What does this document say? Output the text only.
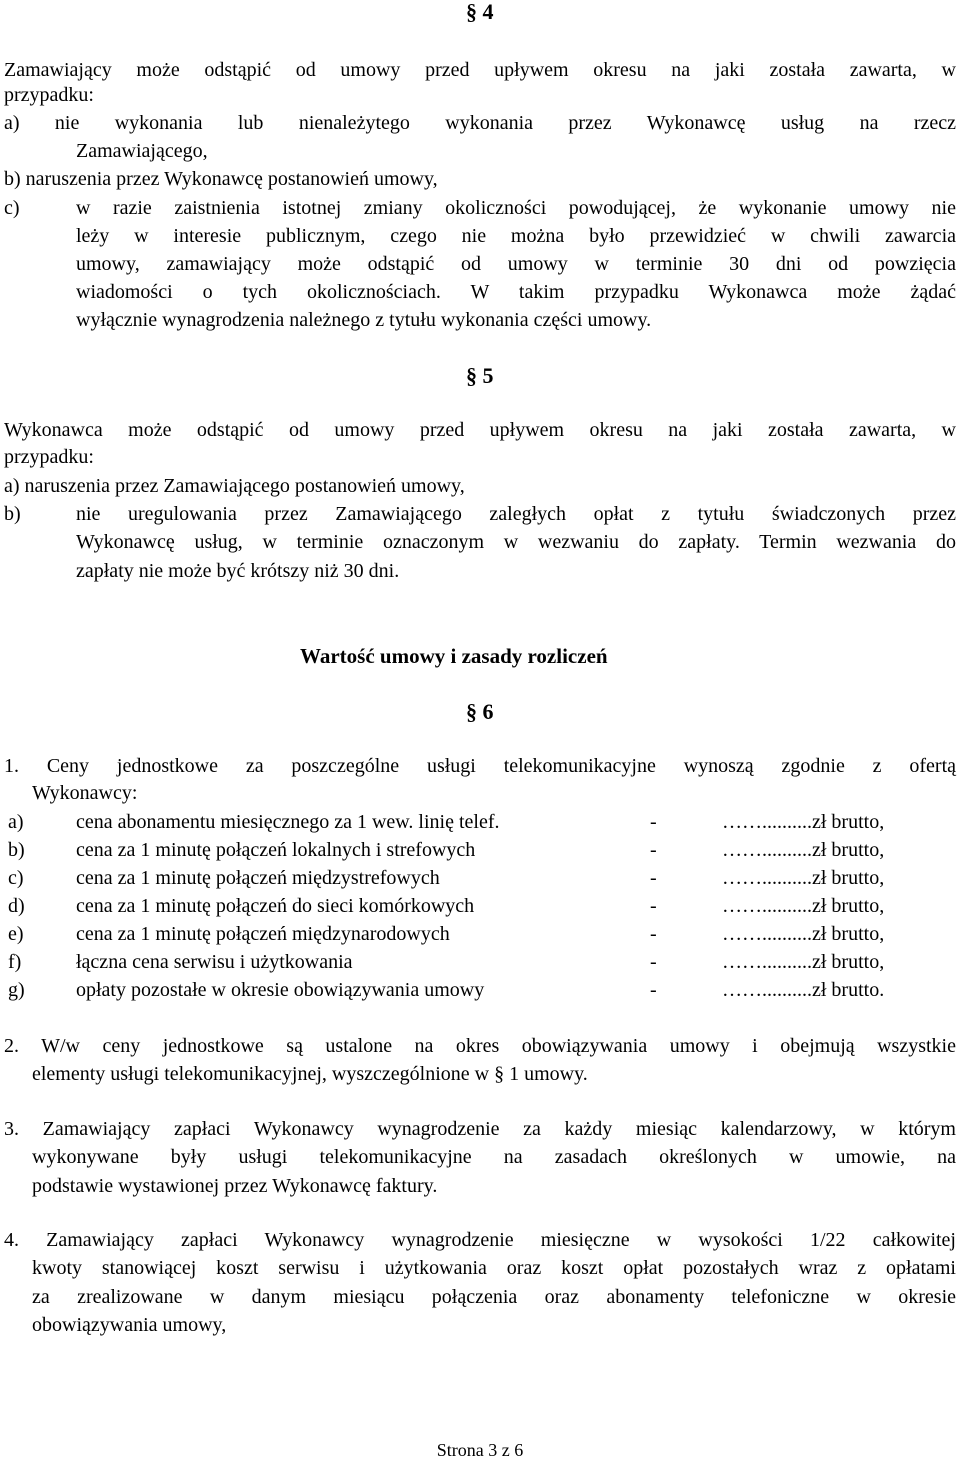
§ 4
Zamawiający może odstąpić od umowy przed upływem okresu na jaki została zawarta, w
przypadku:
a) nie wykonania lub nienależytego wykonania przez Wykonawcę usług na rzecz
Zamawiającego,
b) naruszenia przez Wykonawcę postanowień umowy,
c)	w razie zaistnienia istotnej zmiany okoliczności powodującej, że wykonanie umowy nie
leży w interesie publicznym, czego nie można było przewidzieć w chwili zawarcia
umowy, zamawiający może odstąpić od umowy w terminie 30 dni od powzięcia
wiadomości o tych okolicznościach. W takim przypadku Wykonawca może żądać
wyłącznie wynagrodzenia należnego z tytułu wykonania części umowy.
§ 5
Wykonawca może odstąpić od umowy przed upływem okresu na jaki została zawarta, w
przypadku:
a) naruszenia przez Zamawiającego postanowień umowy,
b)	nie uregulowania przez Zamawiającego zaległych opłat z tytułu świadczonych przez
Wykonawcę usług, w terminie oznaczonym w wezwaniu do zapłaty. Termin wezwania do
zapłaty nie może być krótszy niż 30 dni.
Wartość umowy i zasady rozliczeń
§ 6
1. Ceny jednostkowe za poszczególne usługi telekomunikacyjne wynoszą zgodnie z ofertą
Wykonawcy:
a)	cena abonamentu miesięcznego za 1 wew. linię telef.	-	……..........zł brutto,
b)	cena za 1 minutę połączeń lokalnych i strefowych	-	……..........zł brutto,
c)	cena za 1 minutę połączeń międzystrefowych	-	……..........zł brutto,
d)	cena za 1 minutę połączeń do sieci komórkowych	-	……..........zł brutto,
e)	cena za 1 minutę połączeń międzynarodowych	-	……..........zł brutto,
f)	łączna cena serwisu i użytkowania	-	……..........zł brutto,
g)	opłaty pozostałe w okresie obowiązywania umowy	-	……..........zł brutto.
2. W/w ceny jednostkowe są ustalone na okres obowiązywania umowy i obejmują wszystkie
elementy usługi telekomunikacyjnej, wyszczególnione w § 1 umowy.
3. Zamawiający zapłaci Wykonawcy wynagrodzenie za każdy miesiąc kalendarzowy, w którym
wykonywane były usługi telekomunikacyjne na zasadach określonych w umowie, na
podstawie wystawionej przez Wykonawcę faktury.
4. Zamawiający zapłaci Wykonawcy wynagrodzenie miesięczne w wysokości 1/22 całkowitej
kwoty stanowiącej koszt serwisu i użytkowania oraz koszt opłat pozostałych wraz z opłatami
za zrealizowane w danym miesiącu połączenia oraz abonamenty telefoniczne w okresie
obowiązywania umowy,
Strona 3 z 6
